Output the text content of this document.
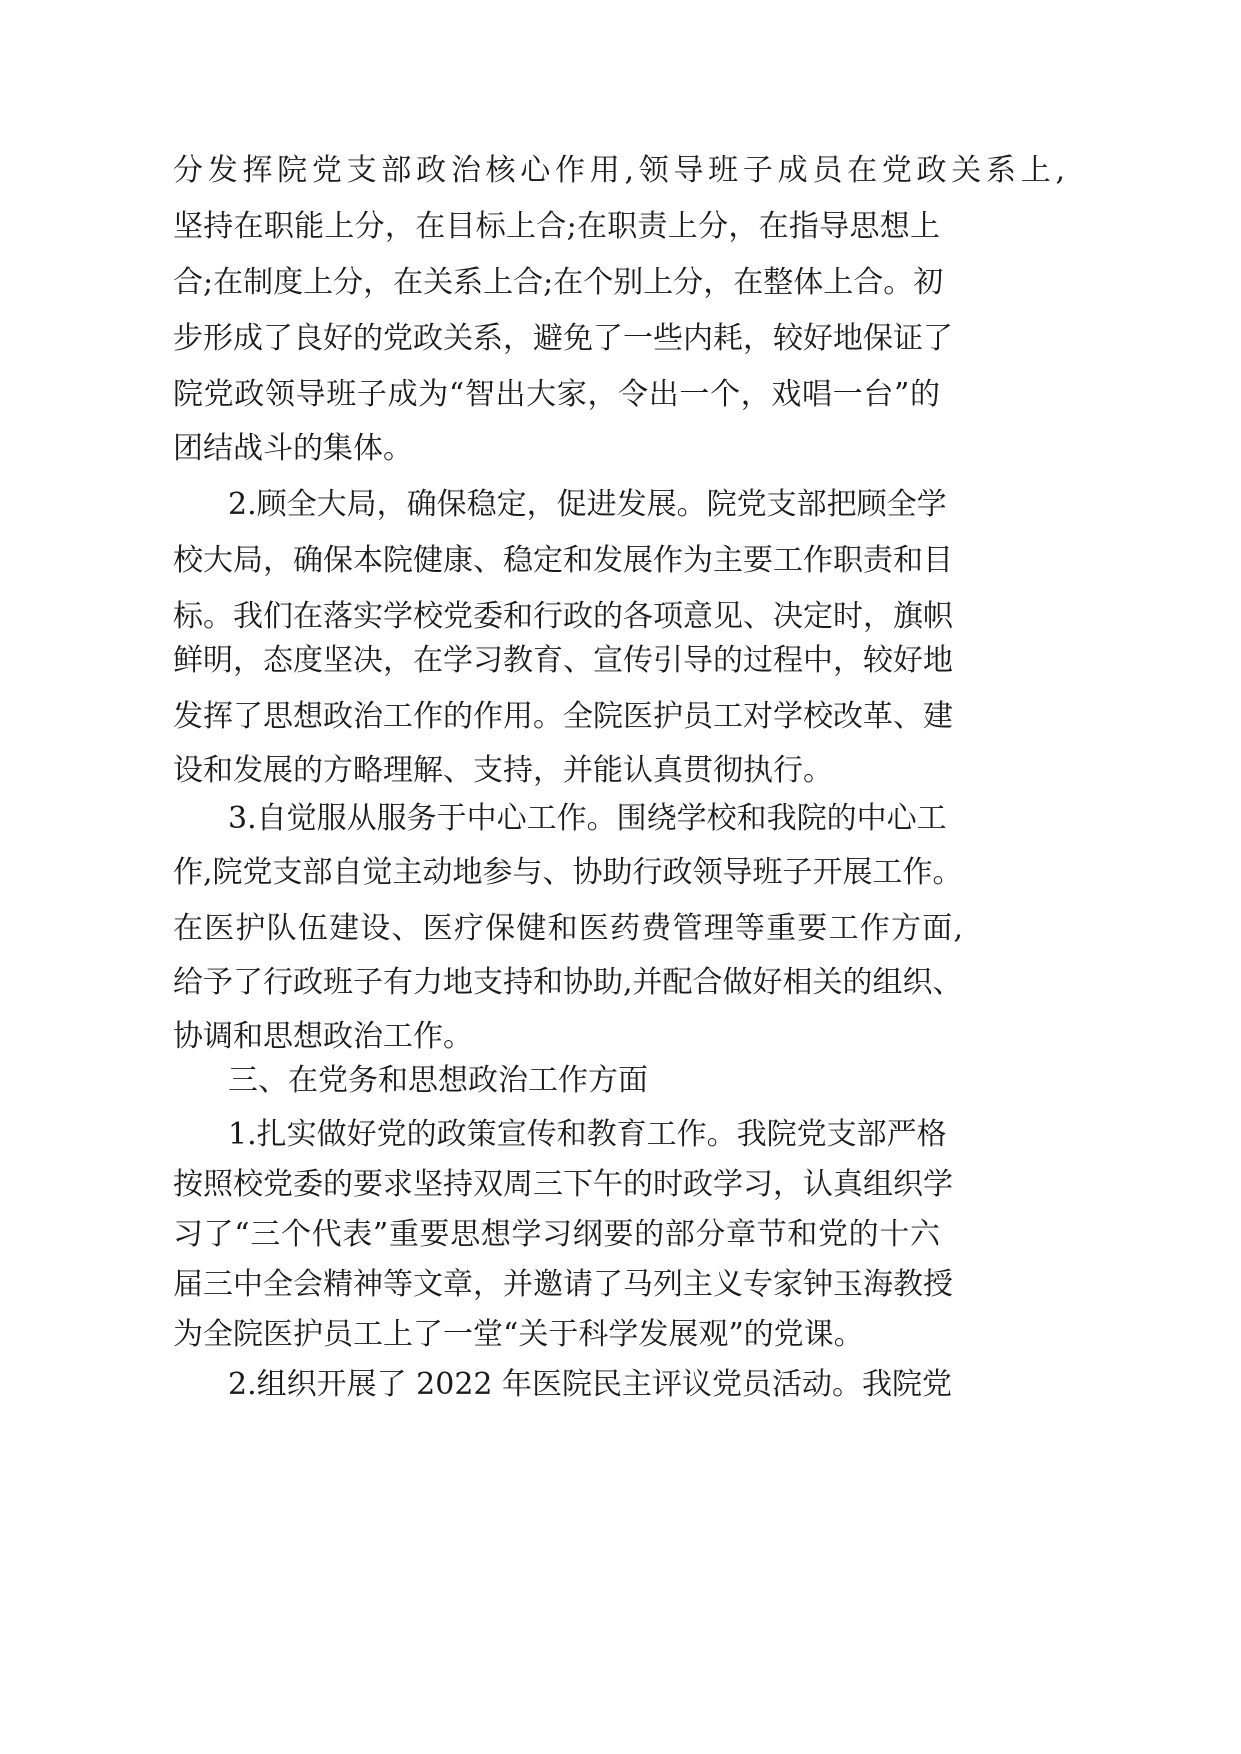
分发挥院党支部政治核心作用,领导班子成员在党政关系上,
坚持在职能上分，在目标上合;在职责上分，在指导思想上
合;在制度上分，在关系上合;在个别上分，在整体上合。初
步形成了良好的党政关系，避免了一些内耗，较好地保证了
院党政领导班子成为“智出大家，令出一个，戏唱一台”的
团结战斗的集体。
2.顾全大局，确保稳定，促进发展。院党支部把顾全学
校大局，确保本院健康、稳定和发展作为主要工作职责和目
标。我们在落实学校党委和行政的各项意见、决定时，旗帜
鲜明，态度坚决，在学习教育、宣传引导的过程中，较好地
发挥了思想政治工作的作用。全院医护员工对学校改革、建
设和发展的方略理解、支持，并能认真贯彻执行。
3.自觉服从服务于中心工作。围绕学校和我院的中心工
作,院党支部自觉主动地参与、协助行政领导班子开展工作。
在医护队伍建设、医疗保健和医药费管理等重要工作方面,
给予了行政班子有力地支持和协助,并配合做好相关的组织、
协调和思想政治工作。
三、在党务和思想政治工作方面
1.扎实做好党的政策宣传和教育工作。我院党支部严格
按照校党委的要求坚持双周三下午的时政学习，认真组织学
习了“三个代表”重要思想学习纲要的部分章节和党的十六
届三中全会精神等文章，并邀请了马列主义专家钟玉海教授
为全院医护员工上了一堂“关于科学发展观”的党课。
2.组织开展了 2022 年医院民主评议党员活动。我院党
